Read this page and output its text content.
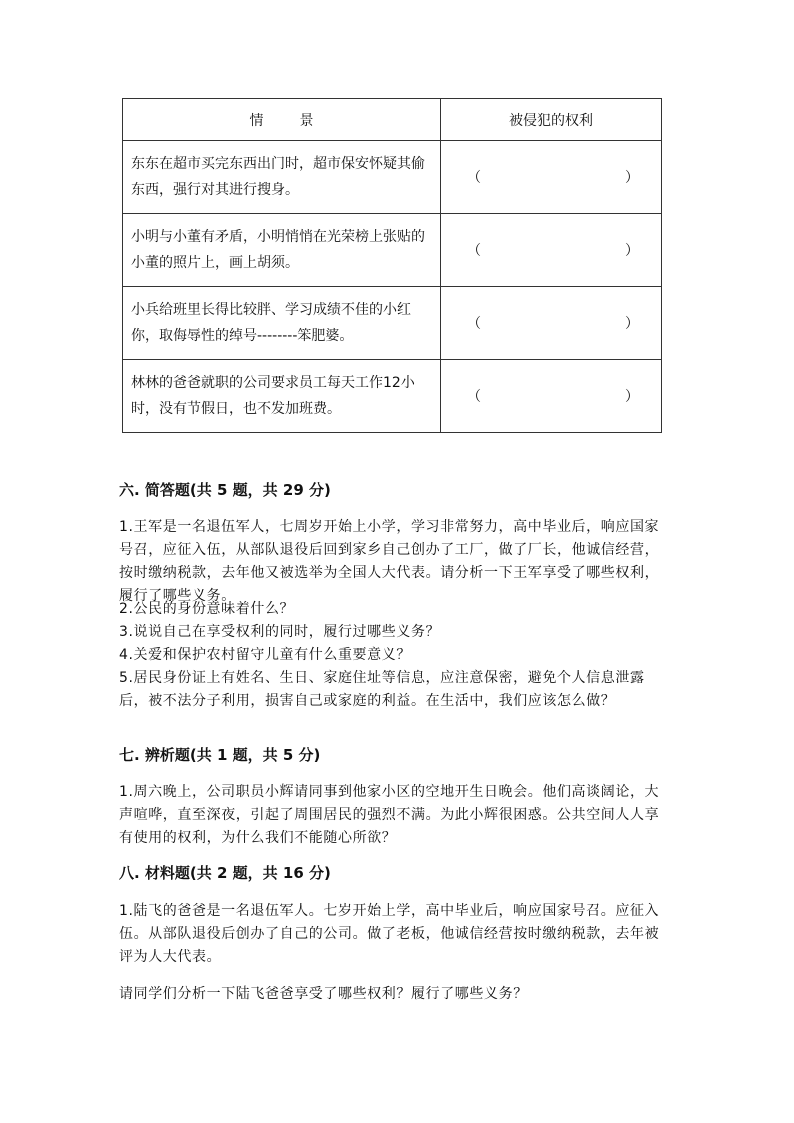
情景	被侵犯的权利
东东在超市买完东西出门时，超市保安怀疑其偷东西，强行对其进行搜身。	（ ）

小明与小董有矛盾，小明悄悄在光荣榜上张贴的小董的照片上，画上胡须。	（ ）

小兵给班里长得比较胖、学习成绩不佳的小红你，取侮辱性的绰号--------笨肥婆。	（ ）

林林的爸爸就职的公司要求员工每天工作12小时，没有节假日，也不发加班费。	（ ）
六. 简答题(共 5 题，共 29 分)
1.王军是一名退伍军人，七周岁开始上小学，学习非常努力，高中毕业后，响应国家号召，应征入伍，从部队退役后回到家乡自己创办了工厂，做了厂长，他诚信经营，按时缴纳税款，去年他又被选举为全国人大代表。请分析一下王军享受了哪些权利，履行了哪些义务。
2.公民的身份意味着什么？
3.说说自己在享受权利的同时，履行过哪些义务？
4.关爱和保护农村留守儿童有什么重要意义？
5.居民身份证上有姓名、生日、家庭住址等信息，应注意保密，避免个人信息泄露后，被不法分子利用，损害自己或家庭的利益。在生活中，我们应该怎么做？
七. 辨析题(共 1 题，共 5 分)
1.周六晚上，公司职员小辉请同事到他家小区的空地开生日晚会。他们高谈阔论，大声喧哗，直至深夜，引起了周围居民的强烈不满。为此小辉很困惑。公共空间人人享有使用的权利，为什么我们不能随心所欲？
八. 材料题(共 2 题，共 16 分)
1.陆飞的爸爸是一名退伍军人。七岁开始上学，高中毕业后，响应国家号召。应征入伍。从部队退役后创办了自己的公司。做了老板，他诚信经营按时缴纳税款，去年被评为人大代表。
请同学们分析一下陆飞爸爸享受了哪些权利？履行了哪些义务？
